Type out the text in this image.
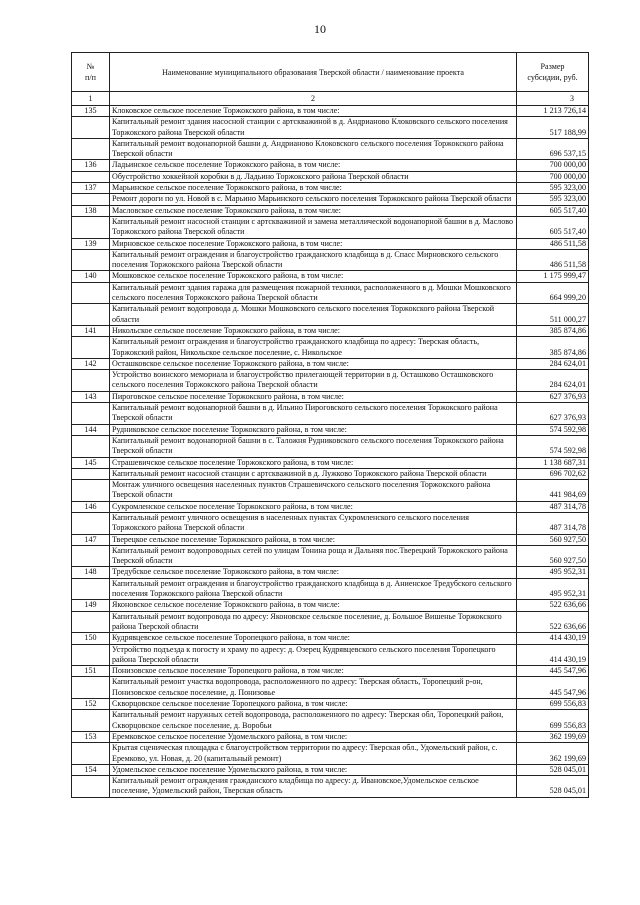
10
№
п/п	Наименование муниципального образования Тверской области / наименование проекта	Размер
субсидии, руб.
1	2	3
135	Клоковское сельское поселение Торжокского района, в том числе:	1 213 726,14
	Капитальный ремонт здания насосной станции с артскважиной в д. Андрианово Клоковского сельского поселения Торжокского района Тверской области	517 188,99
	Капитальный ремонт водонапорной башни д. Андрианово Клоковского сельского поселения Торжокского района Тверской области	696 537,15
136	Ладьинское сельское поселение Торжокского района, в том числе:	700 000,00
	Обустройство хоккейной коробки в д. Ладьино Торжокского района Тверской области	700 000,00
137	Марьинское сельское поселение Торжокского района, в том числе:	595 323,00
	Ремонт дороги по ул. Новой в с. Марьино Марьинского сельского поселения Торжокского района Тверской области	595 323,00
138	Масловское сельское поселение Торжокского района, в том числе:	605 517,40
	Капитальный ремонт насосной станции с артскважиной и замена металлической водонапорной башни в д. Маслово Торжокского района Тверской области	605 517,40
139	Мирновское сельское поселение Торжокского района, в том числе:	486 511,58
	Капитальный ремонт ограждения и благоустройство гражданского кладбища в д. Спасс Мирновского сельского поселения Торжокского района Тверской области	486 511,58
140	Мошковское сельское поселение Торжокского района, в том числе:	1 175 999,47
	Капитальный ремонт здания гаража для размещения пожарной техники, расположенного в д. Мошки Мошковского сельского поселения Торжокского района Тверской области	664 999,20
	Капитальный ремонт водопровода д. Мошки Мошковского сельского поселения Торжокского района Тверской области	511 000,27
141	Никольское сельское поселение Торжокского района, в том числе:	385 874,86
	Капитальный ремонт ограждения и благоустройство гражданского кладбища по адресу: Тверская область, Торжокский район, Никольское сельское поселение, с. Никольское	385 874,86
142	Осташковское сельское поселение Торжокского района, в том числе:	284 624,01
	Устройство воинского мемориала и благоустройство прилегающей территории в д. Осташково Осташковского сельского поселения Торжокского района Тверской области	284 624,01
143	Пироговское сельское поселение Торжокского района, в том числе:	627 376,93
	Капитальный ремонт водонапорной башни в д. Ильино Пироговского сельского поселения Торжокского района Тверской области	627 376,93
144	Рудниковское сельское поселение Торжокского района, в том числе:	574 592,98
	Капитальный ремонт водонапорной башни в с. Таложня Рудниковского сельского поселения Торжокского района Тверской области	574 592,98
145	Страшевичское сельское поселение Торжокского района, в том числе:	1 138 687,31
	Капитальный ремонт насосной станции с артскважиной в д. Лужково Торжокского района Тверской области	696 702,62
	Монтаж уличного освещения населенных пунктов Страшевичского сельского поселения Торжокского района Тверской области	441 984,69
146	Сукромленское сельское поселение Торжокского района, в том числе:	487 314,78
	Капитальный ремонт уличного освещения в населенных пунктах Сукромленского сельского поселения Торжокского района Тверской области	487 314,78
147	Тверецкое сельское поселение Торжокского района, в том числе:	560 927,50
	Капитальный ремонт водопроводных сетей по улицам Тонина роща и Дальняя пос.Тверецкий Торжокского района Тверской области	560 927,50
148	Тредубское сельское поселение Торжокского района, в том числе:	495 952,31
	Капитальный ремонт ограждения и благоустройство гражданского кладбища в д. Аниенское Тредубского сельского поселения Торжокского района Тверской области	495 952,31
149	Яконовское сельское поселение Торжокского района, в том числе:	522 636,66
	Капитальный ремонт водопровода по адресу: Яконовское сельское поселение, д. Большое Вишенье Торжокского района Тверской области	522 636,66
150	Кудрявцевское сельское поселение Торопецкого района, в том числе:	414 430,19
	Устройство подъезда к погосту и храму по адресу: д. Озерец Кудрявцевского сельского поселения Торопецкого района Тверской области	414 430,19
151	Понизовское сельское поселение Торопецкого района, в том числе:	445 547,96
	Капитальный ремонт участка водопровода, расположенного по адресу: Тверская область, Торопецкий р-он, Понизовское сельское поселение, д. Понизовье	445 547,96
152	Скворцовское сельское поселение Торопецкого района, в том числе:	699 556,83
	Капитальный ремонт наружных сетей водопровода, расположенного по адресу: Тверская обл, Торопецкий район, Скворцовское сельское поселение, д. Воробьи	699 556,83
153	Еремковское сельское поселение Удомельского района, в том числе:	362 199,69
	Крытая сценическая площадка с благоустройством территории по адресу: Тверская обл., Удомельский район, с. Еремково, ул. Новая, д. 20 (капитальный ремонт)	362 199,69
154	Удомельское сельское поселение Удомельского района, в том числе:	528 045,01
	Капитальный ремонт ограждения гражданского кладбища по адресу: д. Ивановское,Удомельское сельское поселение, Удомельский район, Тверская область	528 045,01
